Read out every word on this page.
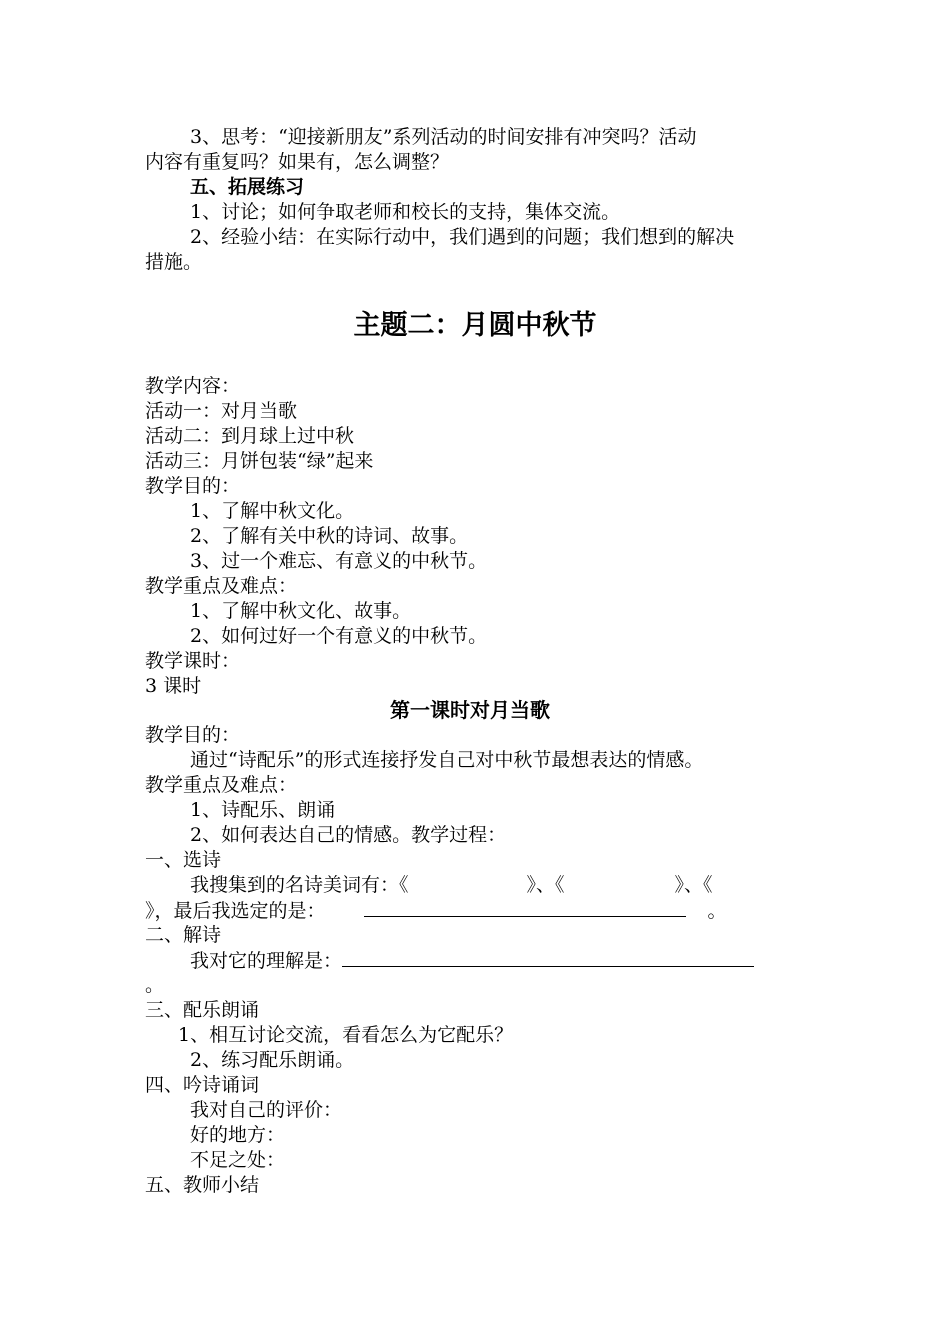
3、思考：“迎接新朋友”系列活动的时间安排有冲突吗？活动
内容有重复吗？如果有，怎么调整？
五、拓展练习
1、讨论；如何争取老师和校长的支持，集体交流。
2、经验小结：在实际行动中，我们遇到的问题；我们想到的解决
措施。
主题二：月圆中秋节
教学内容：
活动一：对月当歌
活动二：到月球上过中秋
活动三：月饼包装“绿”起来
教学目的：
1、了解中秋文化。
2、了解有关中秋的诗词、故事。
3、过一个难忘、有意义的中秋节。
教学重点及难点：
1、了解中秋文化、故事。
2、如何过好一个有意义的中秋节。
教学课时：
3 课时
第一课时对月当歌
教学目的：
通过“诗配乐”的形式连接抒发自己对中秋节最想表达的情感。
教学重点及难点：
1、诗配乐、朗诵
2、如何表达自己的情感。教学过程：
一、选诗
我搜集到的名诗美词有：《	》、《	》、《
》，最后我选定的是：	。
二、解诗
我对它的理解是：
。
三、配乐朗诵
1、相互讨论交流，看看怎么为它配乐？
2、练习配乐朗诵。
四、吟诗诵词
我对自己的评价：
好的地方：
不足之处：
五、教师小结
